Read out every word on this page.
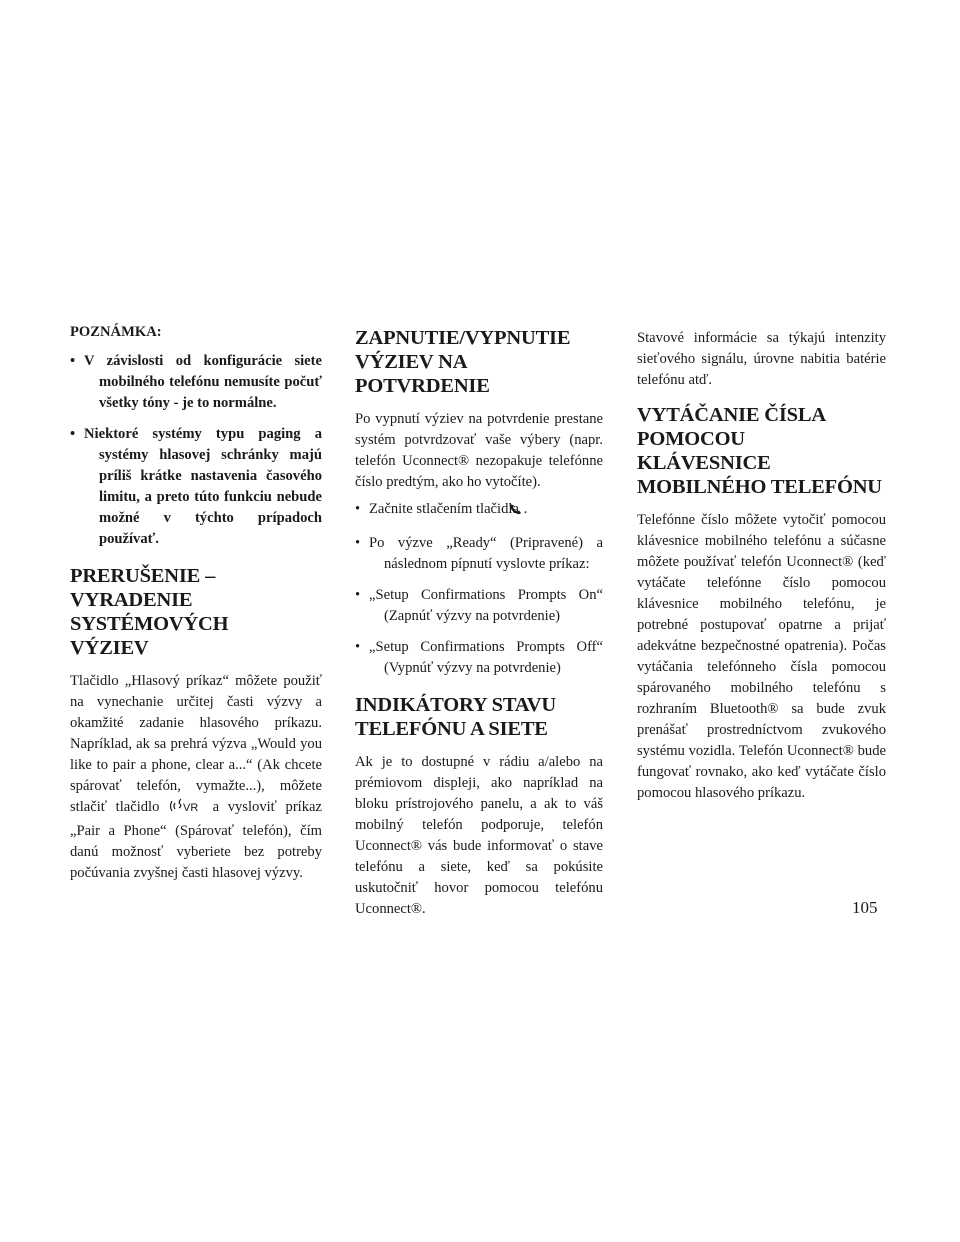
POZNÁMKA:
• V závislosti od konfigurácie siete mobilného telefónu nemusíte počuť všetky tóny - je to normálne.
• Niektoré systémy typu paging a systémy hlasovej schránky majú príliš krátke nastavenia časového limitu, a preto túto funkciu nebude možné v týchto prípadoch používať.
PRERUŠENIE – VYRADENIE SYSTÉMOVÝCH VÝZIEV

Tlačidlo „Hlasový príkaz“ môžete použiť na vynechanie určitej časti výzvy a okamžité zadanie hlasového príkazu. Napríklad, ak sa prehrá výzva „Would you like to pair a phone, clear a...“ (Ak chcete spárovať telefón, vymažte...), môžete stlačiť tlačidlo VR a vysloviť príkaz „Pair a Phone“ (Spárovať telefón), čím danú možnosť vyberiete bez potreby počúvania zvyšnej časti hlasovej výzvy.

ZAPNUTIE/VYPNUTIE VÝZIEV NA POTVRDENIE

Po vypnutí výziev na potvrdenie prestane systém potvrdzovať vaše výbery (napr. telefón Uconnect® nezopakuje telefónne číslo predtým, ako ho vytočíte).

• Začnite stlačením tlačidla .
• Po výzve „Ready“ (Pripravené) a následnom pípnutí vyslovte príkaz:
• „Setup Confirmations Prompts On“ (Zapnúť výzvy na potvrdenie)
• „Setup Confirmations Prompts Off“ (Vypnúť výzvy na potvrdenie)
INDIKÁTORY STAVU TELEFÓNU A SIETE

Ak je to dostupné v rádiu a/alebo na prémiovom displeji, ako napríklad na bloku prístrojového panelu, a ak to váš mobilný telefón podporuje, telefón Uconnect® vás bude informovať o stave telefónu a siete, keď sa pokúsite uskutočniť hovor pomocou telefónu Uconnect®.

Stavové informácie sa týkajú intenzity sieťového signálu, úrovne nabitia batérie telefónu atď.

VYTÁČANIE ČÍSLA POMOCOU KLÁVESNICE MOBILNÉHO TELEFÓNU

Telefónne číslo môžete vytočiť pomocou klávesnice mobilného telefónu a súčasne môžete používať telefón Uconnect® (keď vytáčate telefónne číslo pomocou klávesnice mobilného telefónu, je potrebné postupovať opatrne a prijať adekvátne bezpečnostné opatrenia). Počas vytáčania telefónneho čísla pomocou spárovaného mobilného telefónu s rozhraním Bluetooth® sa bude zvuk prenášať prostredníctvom zvukového systému vozidla. Telefón Uconnect® bude fungovať rovnako, ako keď vytáčate číslo pomocou hlasového príkazu.

105
